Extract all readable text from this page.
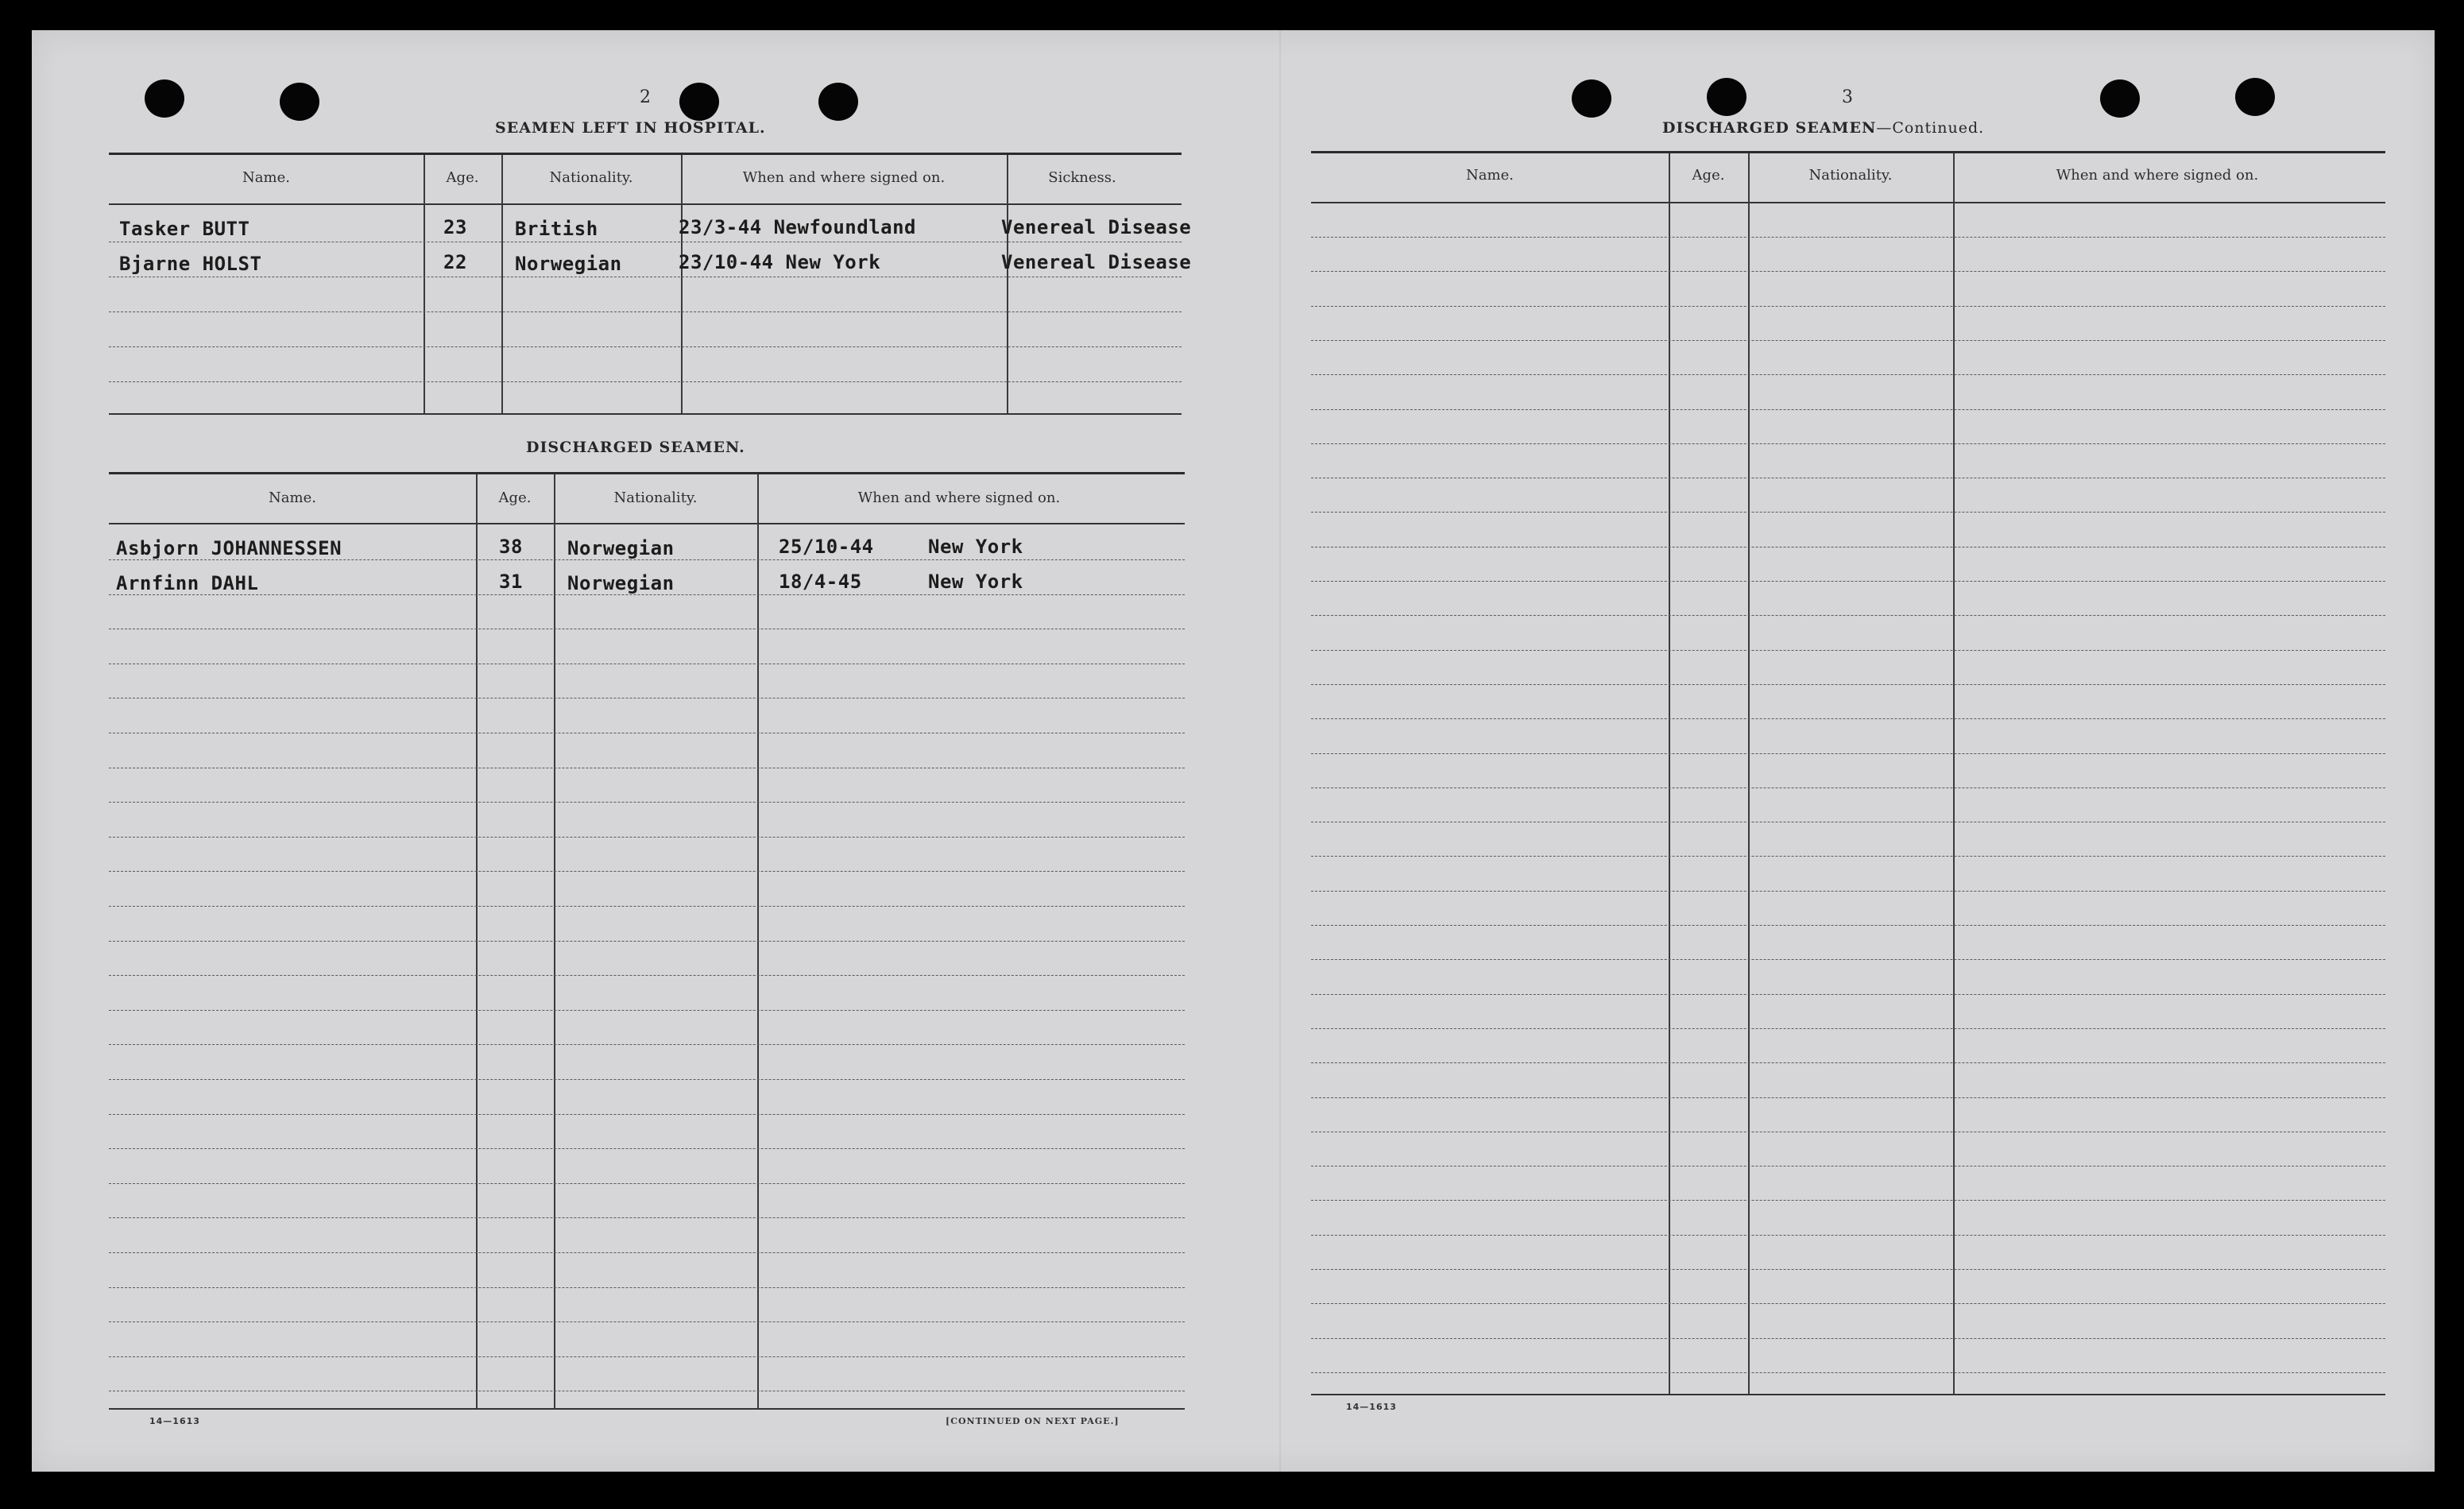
2
SEAMEN LEFT IN HOSPITAL.
Name.	Age.	Nationality.	When and where signed on.	Sickness.
Tasker BUTT	23	British	23/3-44 Newfoundland	Venereal Disease
Bjarne HOLST	22	Norwegian	23/10-44 New York	Venereal Disease
DISCHARGED SEAMEN.
Name.	Age.	Nationality.	When and where signed on.
Asbjorn JOHANNESSEN	38 Norwegian	25/10-44	New York
Arnfinn DAHL	31 Norwegian	18/4-45	New York
14—1613	[CONTINUED ON NEXT PAGE.]
3
DISCHARGED SEAMEN—Continued.
Name.	Age.	Nationality.	When and where signed on.
14—1613
